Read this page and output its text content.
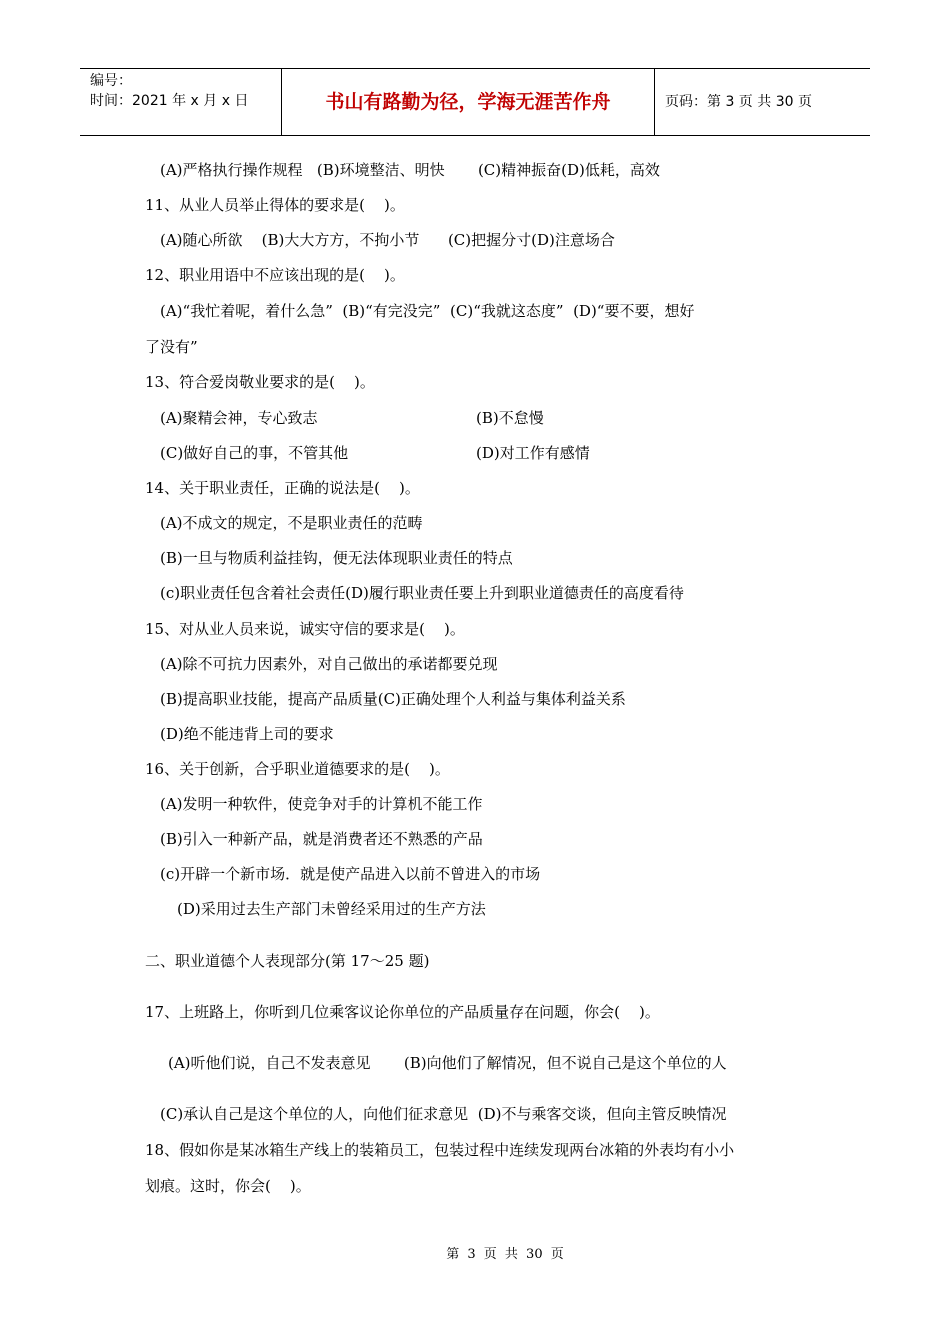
编号：
时间：2021 年 x 月 x 日	书山有路勤为径，学海无涯苦作舟	页码：第 3 页 共 30 页
(A)严格执行操作规程   (B)环境整洁、明快       (C)精神振奋(D)低耗，高效
11、从业人员举止得体的要求是(    )。
(A)随心所欲    (B)大大方方，不拘小节      (C)把握分寸(D)注意场合
12、职业用语中不应该出现的是(    )。
(A)“我忙着呢，着什么急”  (B)“有完没完”  (C)“我就这态度”  (D)“要不要，想好
了没有”
13、符合爱岗敬业要求的是(    )。
(A)聚精会神，专心致志	(B)不怠慢
(C)做好自己的事，不管其他	(D)对工作有感情
14、关于职业责任，正确的说法是(    )。
(A)不成文的规定，不是职业责任的范畴
(B)一旦与物质利益挂钩，便无法体现职业责任的特点
(c)职业责任包含着社会责任(D)履行职业责任要上升到职业道德责任的高度看待
15、对从业人员来说，诚实守信的要求是(    )。
(A)除不可抗力因素外，对自己做出的承诺都要兑现
(B)提高职业技能，提高产品质量(C)正确处理个人利益与集体利益关系
(D)绝不能违背上司的要求
16、关于创新，合乎职业道德要求的是(    )。
(A)发明一种软件，使竞争对手的计算机不能工作
(B)引入一种新产品，就是消费者还不熟悉的产品
(c)开辟一个新市场．就是使产品进入以前不曾进入的市场
(D)采用过去生产部门未曾经采用过的生产方法
二、职业道德个人表现部分(第 17～25 题)
17、上班路上，你听到几位乘客议论你单位的产品质量存在问题，你会(    )。
(A)听他们说，自己不发表意见       (B)向他们了解情况，但不说自己是这个单位的人
(C)承认自己是这个单位的人，向他们征求意见  (D)不与乘客交谈，但向主管反映情况
18、假如你是某冰箱生产线上的装箱员工，包装过程中连续发现两台冰箱的外表均有小小
划痕。这时，你会(    )。
第 3 页 共 30 页
